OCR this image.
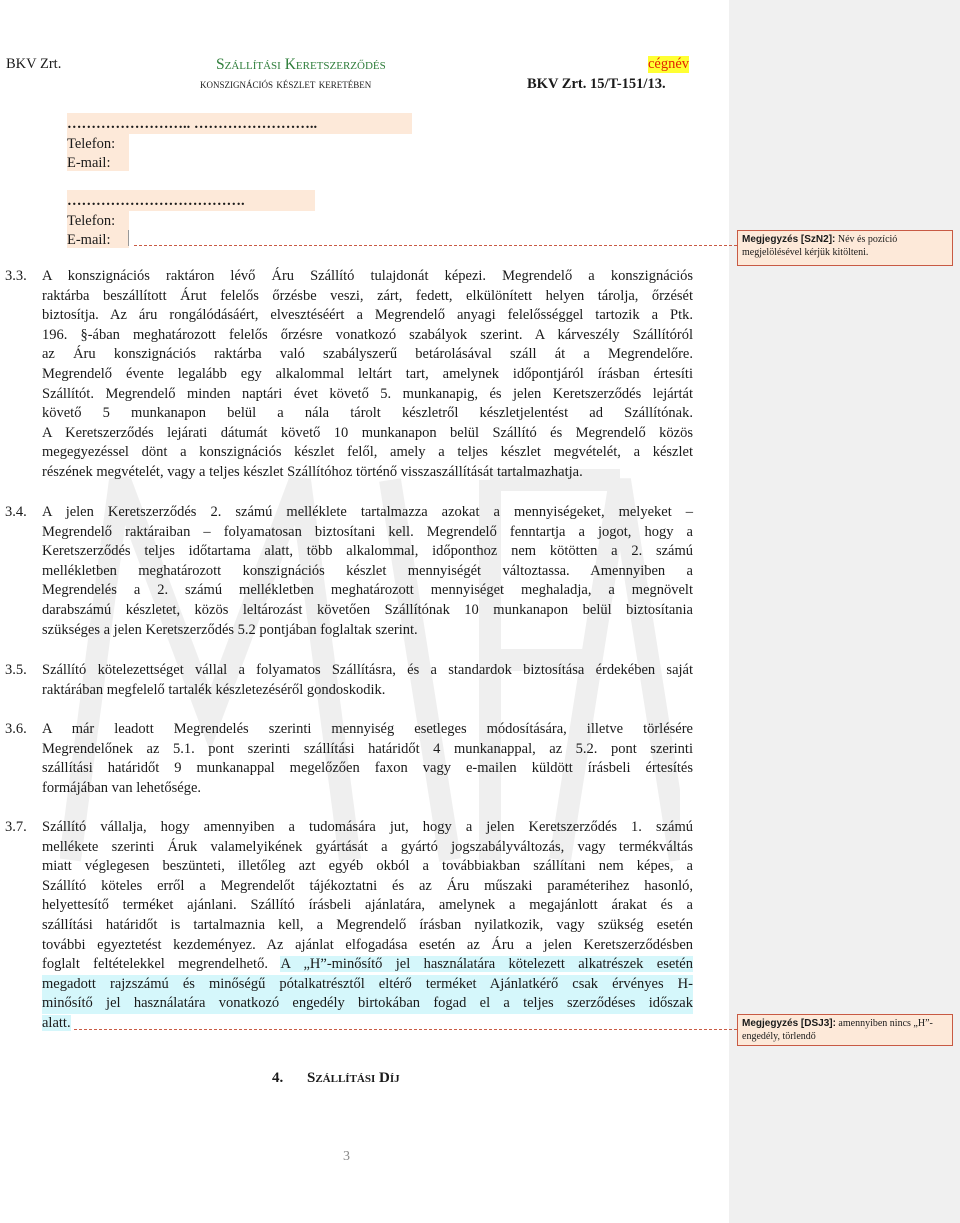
BKV Zrt.	Szállítási Keretszerződés
konszignációs készlet keretében
cégnév
BKV Zrt. 15/T-151/13.
…………………….. ……………………..
Telefon:
E-mail:
……………………………….
Telefon:
E-mail:	Megjegyzés [SzN2]: Név és pozíció megjelölésével kérjük kitölteni.
Megjegyzés [DSJ3]: amennyiben nincs „H”-engedély, törlendő
3.3. A konszignációs raktáron lévő Áru Szállító tulajdonát képezi. Megrendelő a konszignációs
raktárba beszállított Árut felelős őrzésbe veszi, zárt, fedett, elkülönített helyen tárolja, őrzését
biztosítja. Az áru rongálódásáért, elvesztéséért a Megrendelő anyagi felelősséggel tartozik a Ptk.
196. §-ában meghatározott felelős őrzésre vonatkozó szabályok szerint. A kárveszély Szállítóról
az Áru konszignációs raktárba való szabályszerű betárolásával száll át a Megrendelőre.
Megrendelő évente legalább egy alkalommal leltárt tart, amelynek időpontjáról írásban értesíti
Szállítót. Megrendelő minden naptári évet követő 5. munkanapig, és jelen Keretszerződés lejártát
követő 5 munkanapon belül a nála tárolt készletről készletjelentést ad Szállítónak.
A Keretszerződés lejárati dátumát követő 10 munkanapon belül Szállító és Megrendelő közös
megegyezéssel dönt a konszignációs készlet felől, amely a teljes készlet megvételét, a készlet
részének megvételét, vagy a teljes készlet Szállítóhoz történő visszaszállítását tartalmazhatja.
3.4. A jelen Keretszerződés 2. számú melléklete tartalmazza azokat a mennyiségeket, melyeket –
Megrendelő raktáraiban – folyamatosan biztosítani kell. Megrendelő fenntartja a jogot, hogy a
Keretszerződés teljes időtartama alatt, több alkalommal, időponthoz nem kötötten a 2. számú
mellékletben meghatározott konszignációs készlet mennyiségét változtassa. Amennyiben a
Megrendelés a 2. számú mellékletben meghatározott mennyiséget meghaladja, a megnövelt
darabszámú készletet, közös leltározást követően Szállítónak 10 munkanapon belül biztosítania
szükséges a jelen Keretszerződés 5.2 pontjában foglaltak szerint.
3.5. Szállító kötelezettséget vállal a folyamatos Szállításra, és a standardok biztosítása érdekében saját
raktárában megfelelő tartalék készletezéséről gondoskodik.
3.6. A már leadott Megrendelés szerinti mennyiség esetleges módosítására, illetve törlésére
Megrendelőnek az 5.1. pont szerinti szállítási határidőt 4 munkanappal, az 5.2. pont szerinti
szállítási határidőt 9 munkanappal megelőzően faxon vagy e-mailen küldött írásbeli értesítés
formájában van lehetősége.
3.7. Szállító vállalja, hogy amennyiben a tudomására jut, hogy a jelen Keretszerződés 1. számú
mellékete szerinti Áruk valamelyikének gyártását a gyártó jogszabályváltozás, vagy termékváltás
miatt véglegesen beszünteti, illetőleg azt egyéb okból a továbbiakban szállítani nem képes, a
Szállító köteles erről a Megrendelőt tájékoztatni és az Áru műszaki paraméterihez hasonló,
helyettesítő terméket ajánlani. Szállító írásbeli ajánlatára, amelynek a megajánlott árakat és a
szállítási határidőt is tartalmaznia kell, a Megrendelő írásban nyilatkozik, vagy szükség esetén
további egyeztetést kezdeményez. Az ajánlat elfogadása esetén az Áru a jelen Keretszerződésben
foglalt feltételekkel megrendelhető. A „H”-minősítő jel használatára kötelezett alkatrészek esetén
megadott rajzszámú és minőségű pótalkatrésztől eltérő terméket Ajánlatkérő csak érvényes H-
minősítő jel használatára vonatkozó engedély birtokában fogad el a teljes szerződéses időszak
alatt.
4. Szállítási Díj
3
